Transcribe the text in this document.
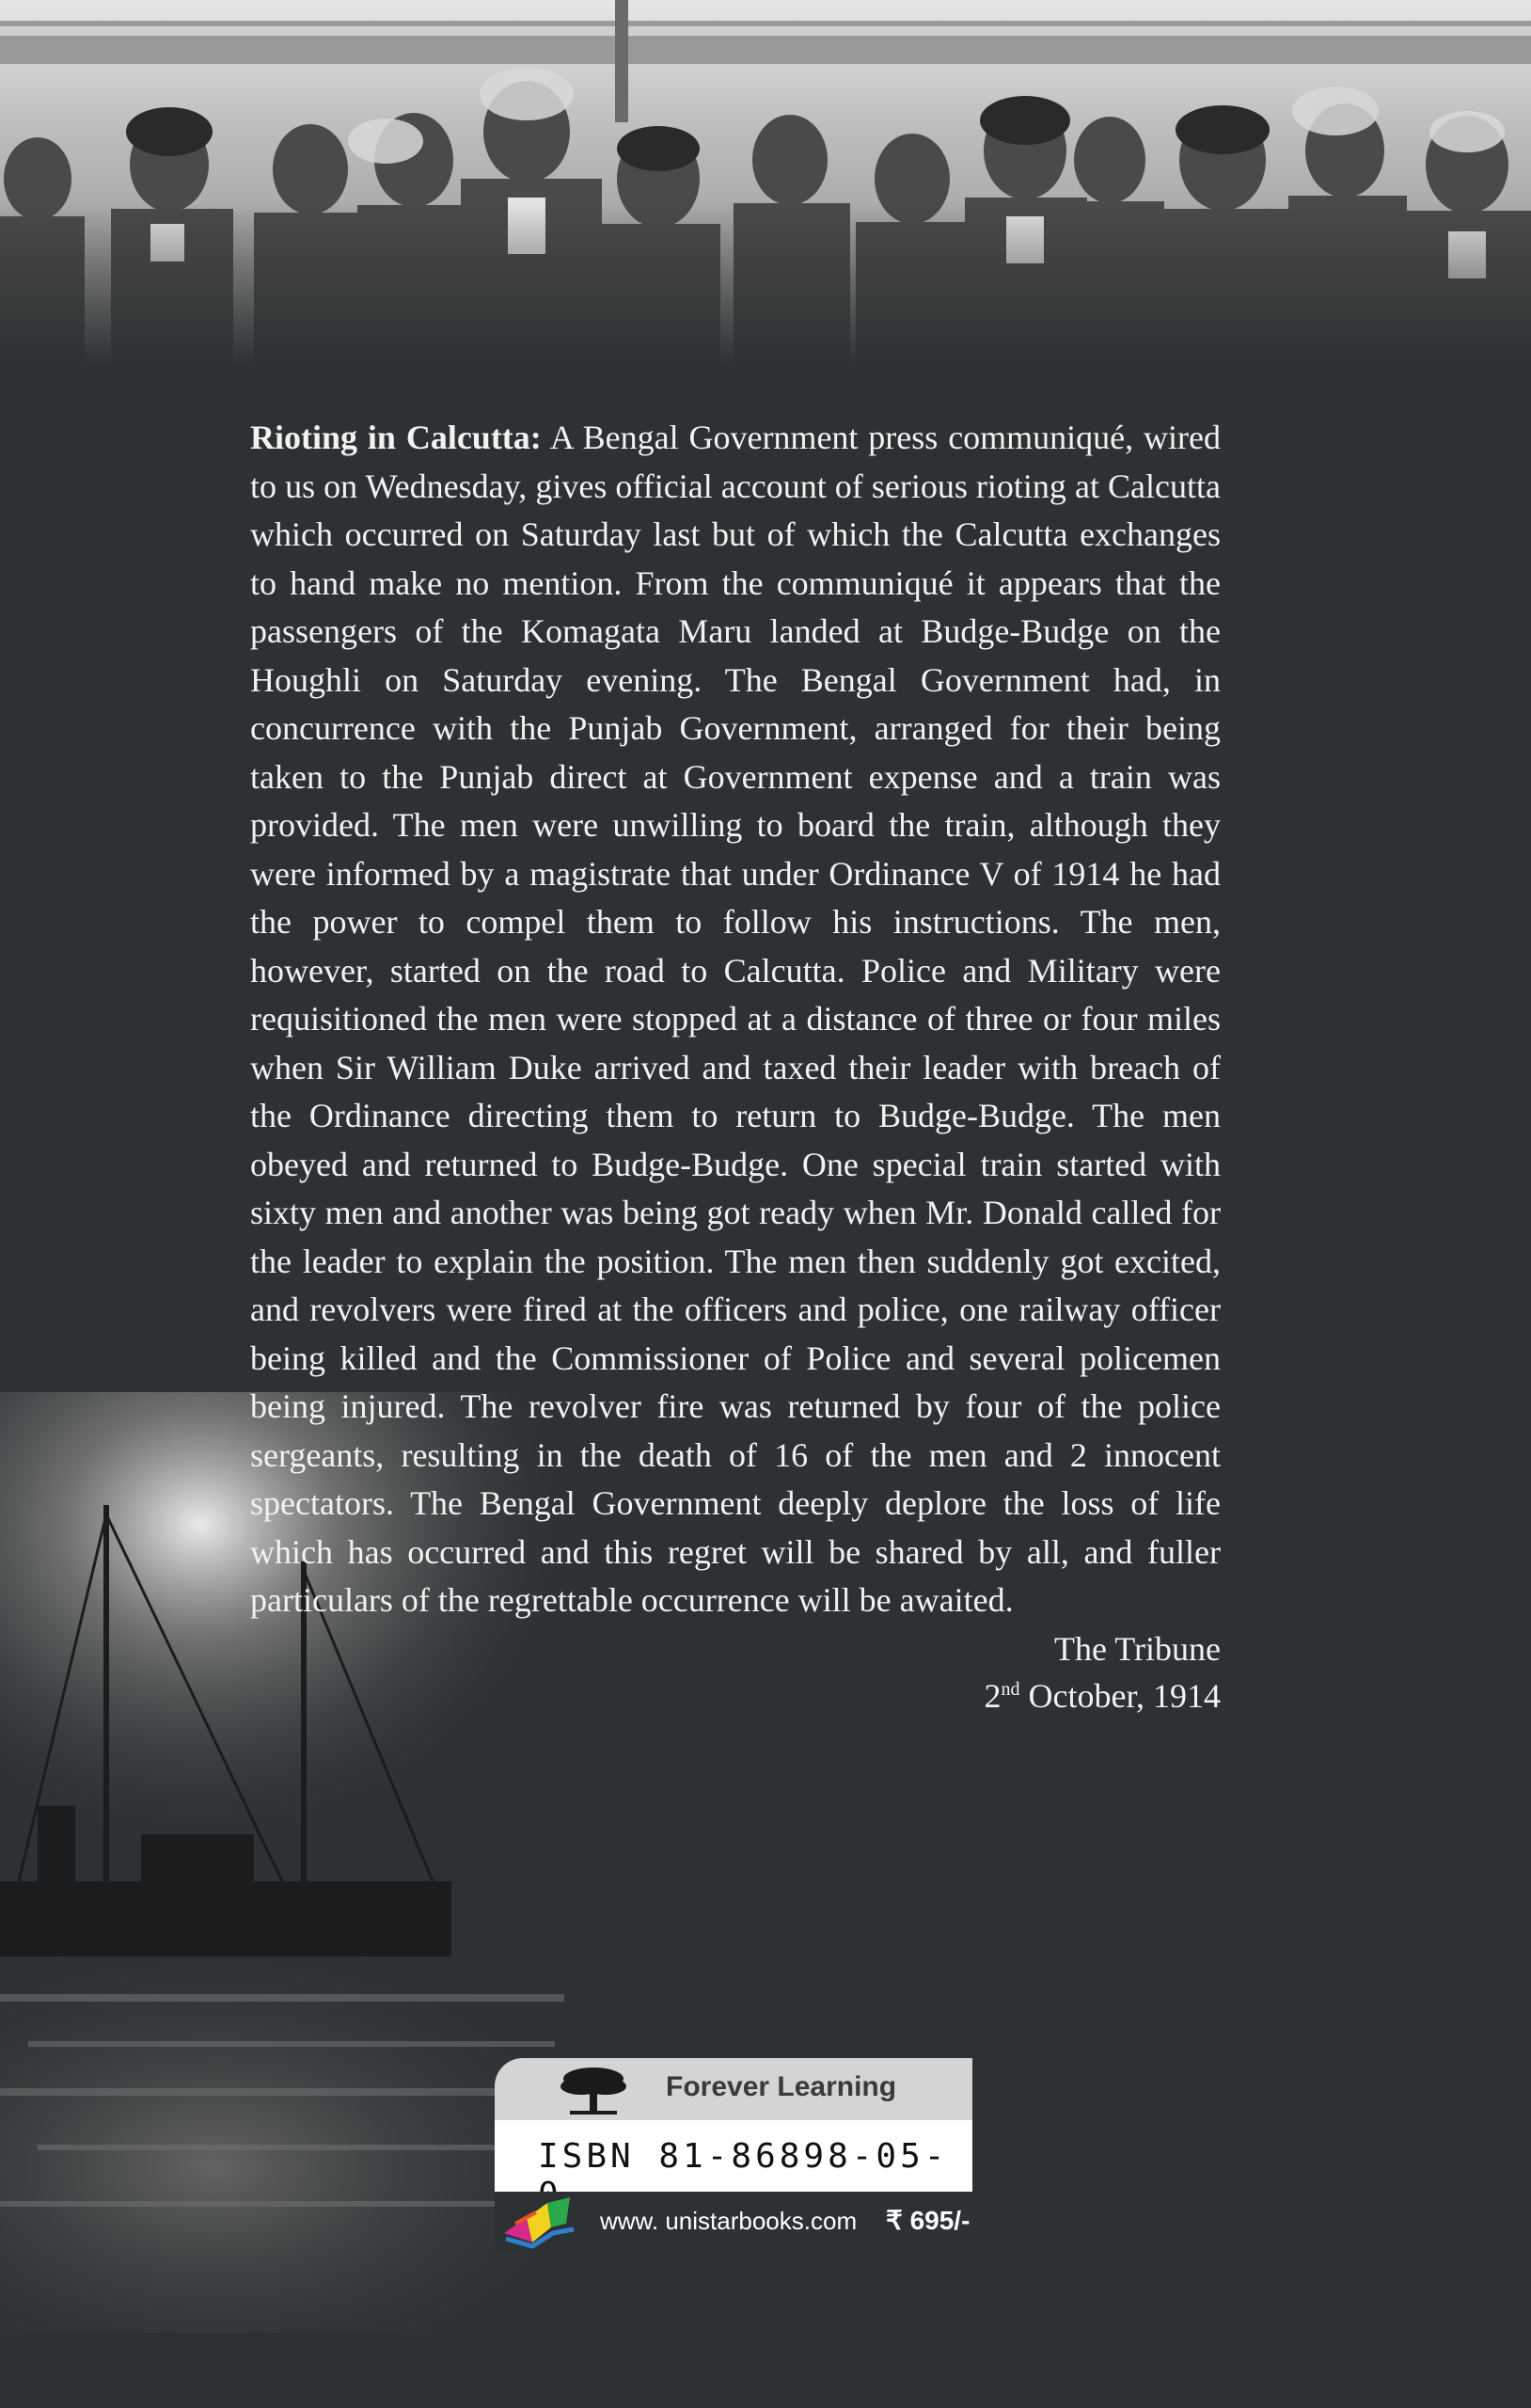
Rioting in Calcutta: A Bengal Government press communiqué, wired to us on Wednesday, gives official account of serious rioting at Calcutta which occurred on Saturday last but of which the Calcutta exchanges to hand make no mention. From the communiqué it appears that the passengers of the Komagata Maru landed at Budge-Budge on the Houghli on Saturday evening. The Bengal Government had, in concurrence with the Punjab Government, arranged for their being taken to the Punjab direct at Government expense and a train was provided. The men were unwilling to board the train, although they were informed by a magistrate that under Ordinance V of 1914 he had the power to compel them to follow his instructions. The men, however, started on the road to Calcutta. Police and Military were requisitioned the men were stopped at a distance of three or four miles when Sir William Duke arrived and taxed their leader with breach of the Ordinance directing them to return to Budge-Budge. The men obeyed and returned to Budge-Budge. One special train started with sixty men and another was being got ready when Mr. Donald called for the leader to explain the position. The men then suddenly got excited, and revolvers were fired at the officers and police, one railway officer being killed and the Commissioner of Police and several policemen being injured. The revolver fire was returned by four of the police sergeants, resulting in the death of 16 of the men and 2 innocent spectators. The Bengal Government deeply deplore the loss of life which has occurred and this regret will be shared by all, and fuller particulars of the regrettable occurrence will be awaited.

The Tribune
2nd October, 1914
Forever Learning
ISBN 81-86898-05-
www. unistarbooks.com ₹ 695/-
